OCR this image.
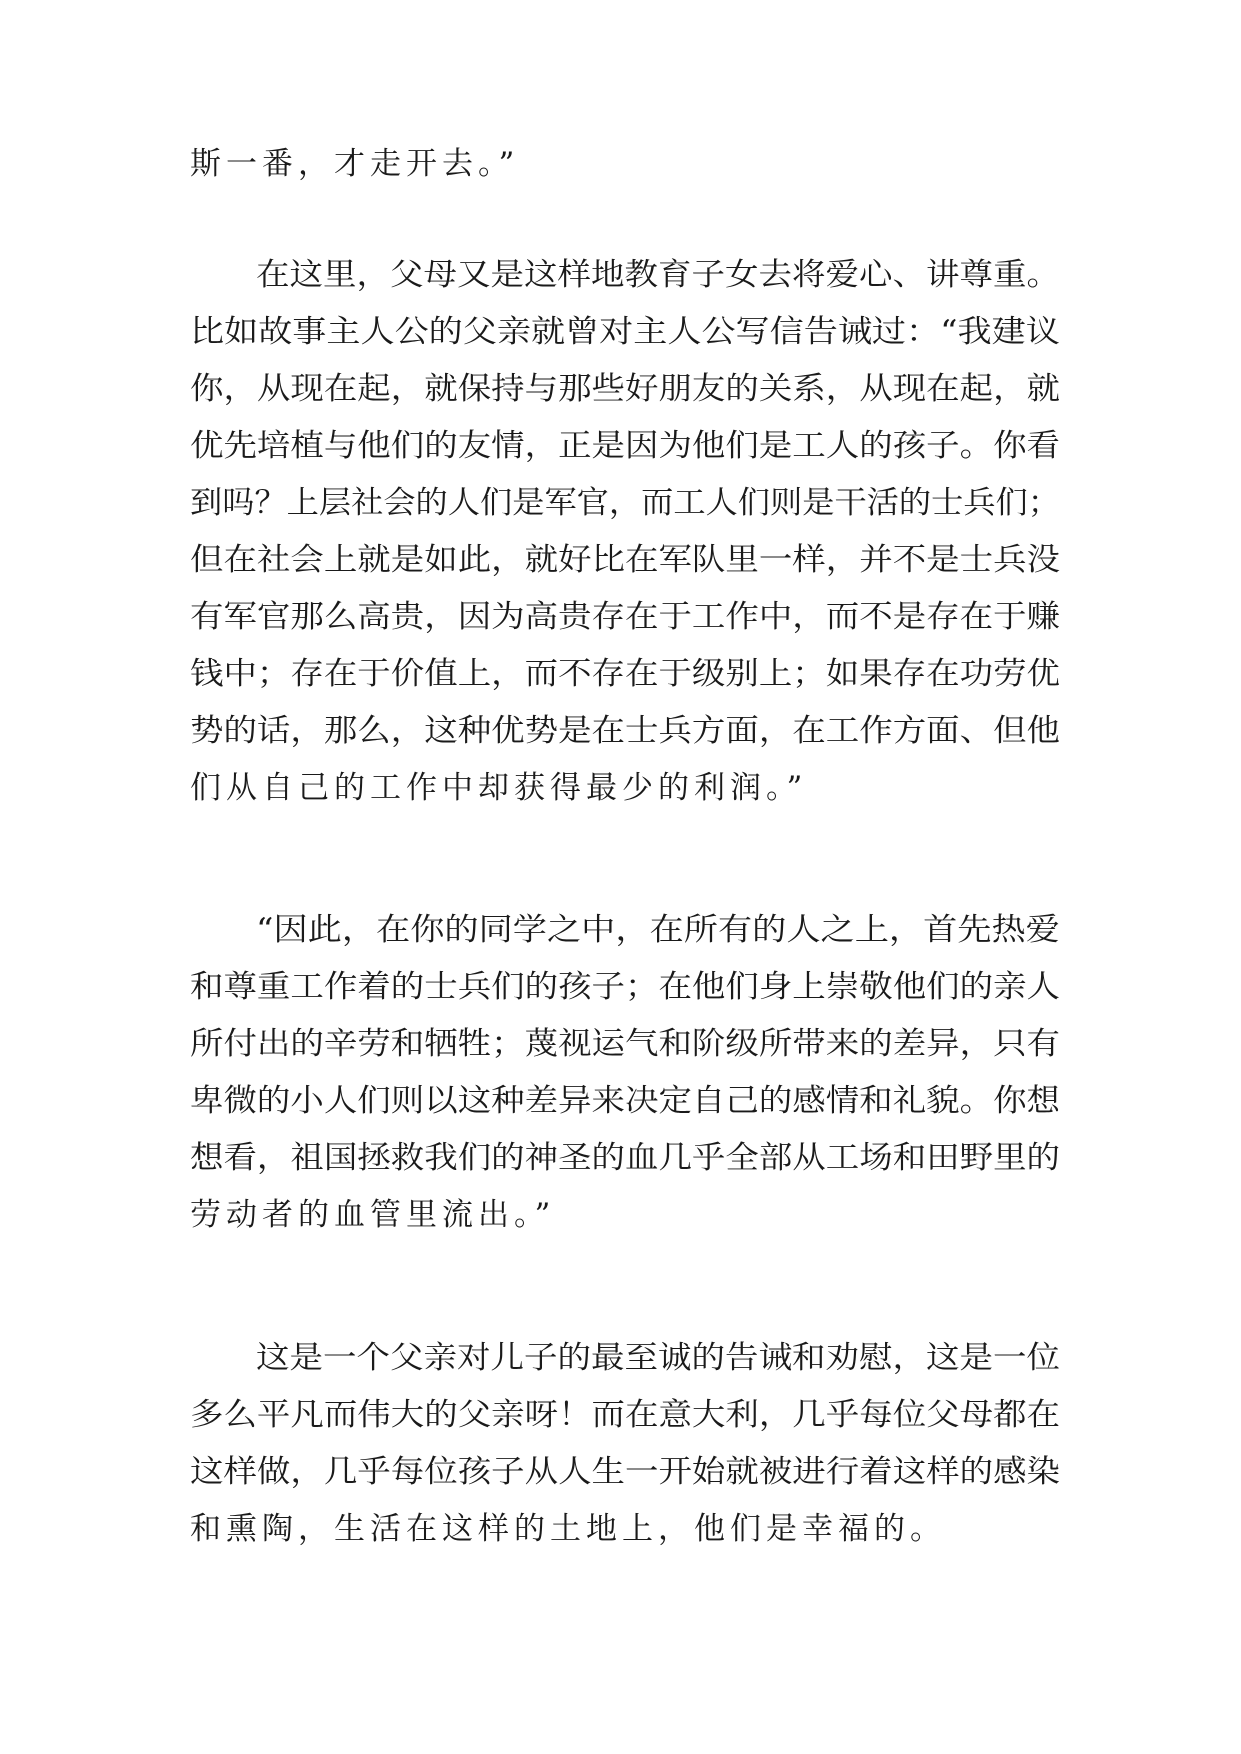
斯一番，才走开去。”
在这里，父母又是这样地教育子女去将爱心、讲尊重。
比如故事主人公的父亲就曾对主人公写信告诫过：“我建议
你，从现在起，就保持与那些好朋友的关系，从现在起，就
优先培植与他们的友情，正是因为他们是工人的孩子。你看
到吗？上层社会的人们是军官，而工人们则是干活的士兵们；
但在社会上就是如此，就好比在军队里一样，并不是士兵没
有军官那么高贵，因为高贵存在于工作中，而不是存在于赚
钱中；存在于价值上，而不存在于级别上；如果存在功劳优
势的话，那么，这种优势是在士兵方面，在工作方面、但他
们从自己的工作中却获得最少的利润。”
“因此，在你的同学之中，在所有的人之上，首先热爱
和尊重工作着的士兵们的孩子；在他们身上崇敬他们的亲人
所付出的辛劳和牺牲；蔑视运气和阶级所带来的差异，只有
卑微的小人们则以这种差异来决定自己的感情和礼貌。你想
想看，祖国拯救我们的神圣的血几乎全部从工场和田野里的
劳动者的血管里流出。”
这是一个父亲对儿子的最至诚的告诫和劝慰，这是一位
多么平凡而伟大的父亲呀！而在意大利，几乎每位父母都在
这样做，几乎每位孩子从人生一开始就被进行着这样的感染
和熏陶，生活在这样的土地上，他们是幸福的。
